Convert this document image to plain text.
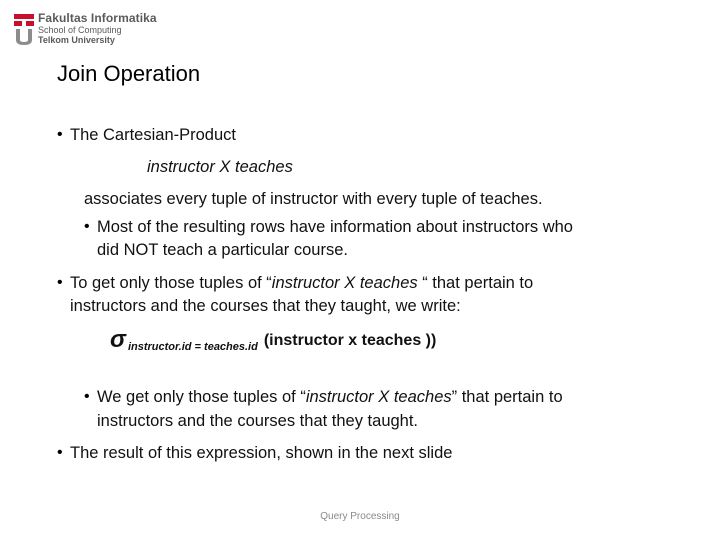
Fakultas Informatika
School of Computing
Telkom University
Join Operation
• The Cartesian-Product
instructor X teaches
associates every tuple of instructor with every tuple of teaches.
• Most of the resulting rows have information about instructors who
did NOT teach a particular course.
• To get only those tuples of “instructor X teaches “ that pertain to
instructors and the courses that they taught, we write:
σ $_{instructor.id = teaches.id}$ (instructor x teaches ))
• We get only those tuples of “instructor X teaches” that pertain to
instructors and the courses that they taught.
• The result of this expression, shown in the next slide
Query Processing
